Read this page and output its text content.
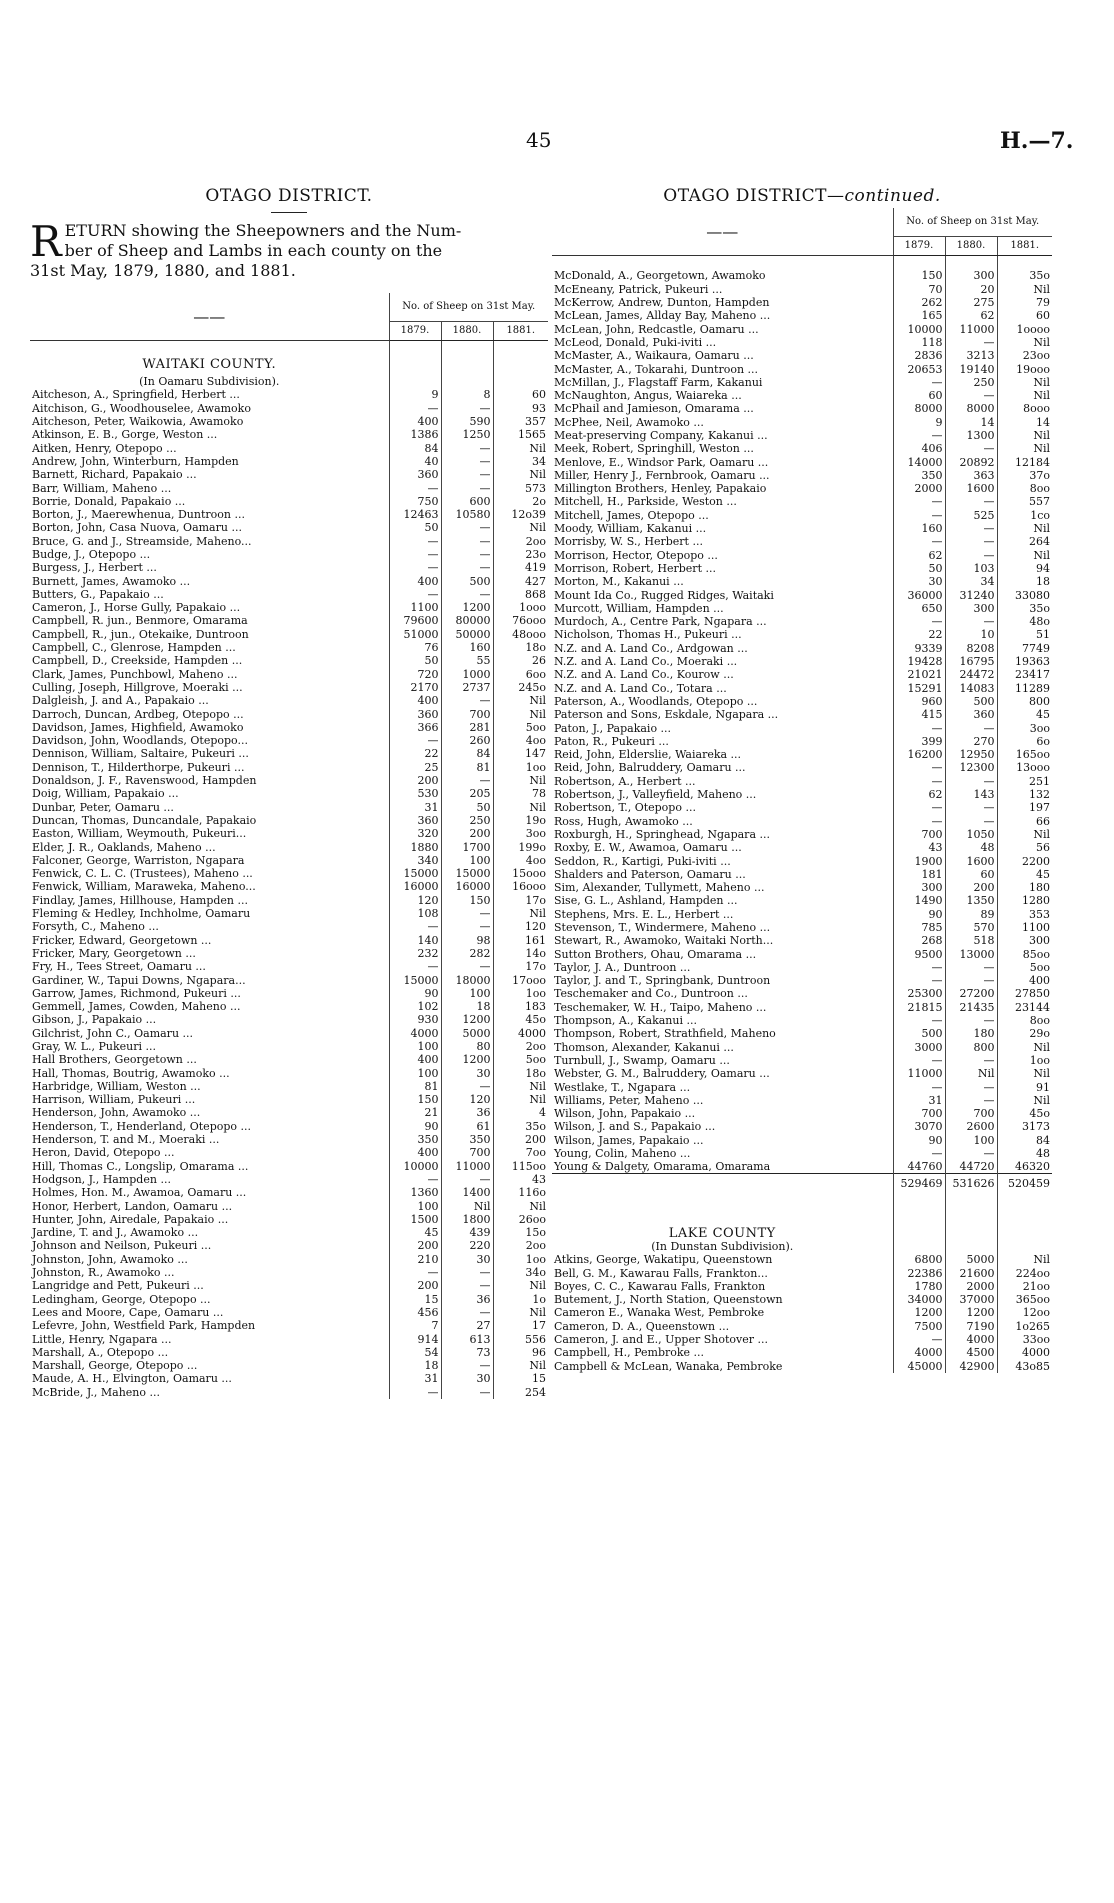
45	H.—7.
OTAGO DISTRICT.
R ETURN showing the Sheepowners and the Num-
ber of Sheep and Lambs in each county on the
31st May, 1879, 1880, and 1881.
——	No. of Sheep on 31st May.		
	1879.	1880.	1881.
WAITAKI COUNTY.			
(In Oamaru Subdivision).			
Aitcheson, A., Springfield, Herbert ...	9	8	60
Aitchison, G., Woodhouselee, Awamoko	—	—	93
Aitcheson, Peter, Waikowia, Awamoko	400	590	357
Atkinson, E. B., Gorge, Weston ...	1386	1250	1565
Aitken, Henry, Otepopo ...	84	—	Nil
Andrew, John, Winterburn, Hampden	40	—	34
Barnett, Richard, Papakaio ...	360	—	Nil
Barr, William, Maheno ...	—	—	573
Borrie, Donald, Papakaio ...	750	600	2o
Borton, J., Maerewhenua, Duntroon ...	12463	10580	12o39
Borton, John, Casa Nuova, Oamaru ...	50	—	Nil
Bruce, G. and J., Streamside, Maheno...	—	—	2oo
Budge, J., Otepopo ...	—	—	23o
Burgess, J., Herbert ...	—	—	419
Burnett, James, Awamoko ...	400	500	427
Butters, G., Papakaio ...	—	—	868
Cameron, J., Horse Gully, Papakaio ...	1100	1200	1ooo
Campbell, R. jun., Benmore, Omarama	79600	80000	76ooo
Campbell, R., jun., Otekaike, Duntroon	51000	50000	48ooo
Campbell, C., Glenrose, Hampden ...	76	160	18o
Campbell, D., Creekside, Hampden ...	50	55	26
Clark, James, Punchbowl, Maheno ...	720	1000	6oo
Culling, Joseph, Hillgrove, Moeraki ...	2170	2737	245o
Dalgleish, J. and A., Papakaio ...	400	—	Nil
Darroch, Duncan, Ardbeg, Otepopo ...	360	700	Nil
Davidson, James, Highfield, Awamoko	366	281	5oo
Davidson, John, Woodlands, Otepopo...	—	260	4oo
Dennison, William, Saltaire, Pukeuri ...	22	84	147
Dennison, T., Hilderthorpe, Pukeuri ...	25	81	1oo
Donaldson, J. F., Ravenswood, Hampden	200	—	Nil
Doig, William, Papakaio ...	530	205	78
Dunbar, Peter, Oamaru ...	31	50	Nil
Duncan, Thomas, Duncandale, Papakaio	360	250	19o
Easton, William, Weymouth, Pukeuri...	320	200	3oo
Elder, J. R., Oaklands, Maheno ...	1880	1700	199o
Falconer, George, Warriston, Ngapara	340	100	4oo
Fenwick, C. L. C. (Trustees), Maheno ...	15000	15000	15ooo
Fenwick, William, Maraweka, Maheno...	16000	16000	16ooo
Findlay, James, Hillhouse, Hampden ...	120	150	17o
Fleming & Hedley, Inchholme, Oamaru	108	—	Nil
Forsyth, C., Maheno ...	—	—	120
Fricker, Edward, Georgetown ...	140	98	161
Fricker, Mary, Georgetown ...	232	282	14o
Fry, H., Tees Street, Oamaru ...	—	—	17o
Gardiner, W., Tapui Downs, Ngapara...	15000	18000	17ooo
Garrow, James, Richmond, Pukeuri ...	90	100	1oo
Gemmell, James, Cowden, Maheno ...	102	18	183
Gibson, J., Papakaio ...	930	1200	45o
Gilchrist, John C., Oamaru ...	4000	5000	4000
Gray, W. L., Pukeuri ...	100	80	2oo
Hall Brothers, Georgetown ...	400	1200	5oo
Hall, Thomas, Boutrig, Awamoko ...	100	30	18o
Harbridge, William, Weston ...	81	—	Nil
Harrison, William, Pukeuri ...	150	120	Nil
Henderson, John, Awamoko ...	21	36	4
Henderson, T., Henderland, Otepopo ...	90	61	35o
Henderson, T. and M., Moeraki ...	350	350	200
Heron, David, Otepopo ...	400	700	7oo
Hill, Thomas C., Longslip, Omarama ...	10000	11000	115oo
Hodgson, J., Hampden ...	—	—	43
Holmes, Hon. M., Awamoa, Oamaru ...	1360	1400	116o
Honor, Herbert, Landon, Oamaru ...	100	Nil	Nil
Hunter, John, Airedale, Papakaio ...	1500	1800	26oo
Jardine, T. and J., Awamoko ...	45	439	15o
Johnson and Neilson, Pukeuri ...	200	220	2oo
Johnston, John, Awamoko ...	210	30	1oo
Johnston, R., Awamoko ...	—	—	34o
Langridge and Pett, Pukeuri ...	200	—	Nil
Ledingham, George, Otepopo ...	15	36	1o
Lees and Moore, Cape, Oamaru ...	456	—	Nil
Lefevre, John, Westfield Park, Hampden	7	27	17
Little, Henry, Ngapara ...	914	613	556
Marshall, A., Otepopo ...	54	73	96
Marshall, George, Otepopo ...	18	—	Nil
Maude, A. H., Elvington, Oamaru ...	31	30	15
McBride, J., Maheno ...	—	—	254
OTAGO DISTRICT—continued.
——	No. of Sheep on 31st May.		
	1879.	1880.	1881.

McDonald, A., Georgetown, Awamoko	150	300	35o
McEneany, Patrick, Pukeuri ...	70	20	Nil
McKerrow, Andrew, Dunton, Hampden	262	275	79
McLean, James, Allday Bay, Maheno ...	165	62	60
McLean, John, Redcastle, Oamaru ...	10000	11000	1oooo
McLeod, Donald, Puki-iviti ...	118	—	Nil
McMaster, A., Waikaura, Oamaru ...	2836	3213	23oo
McMaster, A., Tokarahi, Duntroon ...	20653	19140	19ooo
McMillan, J., Flagstaff Farm, Kakanui	—	250	Nil
McNaughton, Angus, Waiareka ...	60	—	Nil
McPhail and Jamieson, Omarama ...	8000	8000	8ooo
McPhee, Neil, Awamoko ...	9	14	14
Meat-preserving Company, Kakanui ...	—	1300	Nil
Meek, Robert, Springhill, Weston ...	406	—	Nil
Menlove, E., Windsor Park, Oamaru ...	14000	20892	12184
Miller, Henry J., Fernbrook, Oamaru ...	350	363	37o
Millington Brothers, Henley, Papakaio	2000	1600	8oo
Mitchell, H., Parkside, Weston ...	—	—	557
Mitchell, James, Otepopo ...	—	525	1co
Moody, William, Kakanui ...	160	—	Nil
Morrisby, W. S., Herbert ...	—	—	264
Morrison, Hector, Otepopo ...	62	—	Nil
Morrison, Robert, Herbert ...	50	103	94
Morton, M., Kakanui ...	30	34	18
Mount Ida Co., Rugged Ridges, Waitaki	36000	31240	33080
Murcott, William, Hampden ...	650	300	35o
Murdoch, A., Centre Park, Ngapara ...	—	—	48o
Nicholson, Thomas H., Pukeuri ...	22	10	51
N.Z. and A. Land Co., Ardgowan ...	9339	8208	7749
N.Z. and A. Land Co., Moeraki ...	19428	16795	19363
N.Z. and A. Land Co., Kourow ...	21021	24472	23417
N.Z. and A. Land Co., Totara ...	15291	14083	11289
Paterson, A., Woodlands, Otepopo ...	960	500	800
Paterson and Sons, Eskdale, Ngapara ...	415	360	45
Paton, J., Papakaio ...	—	—	3oo
Paton, R., Pukeuri ...	399	270	6o
Reid, John, Elderslie, Waiareka ...	16200	12950	165oo
Reid, John, Balruddery, Oamaru ...	—	12300	13ooo
Robertson, A., Herbert ...	—	—	251
Robertson, J., Valleyfield, Maheno ...	62	143	132
Robertson, T., Otepopo ...	—	—	197
Ross, Hugh, Awamoko ...	—	—	66
Roxburgh, H., Springhead, Ngapara ...	700	1050	Nil
Roxby, E. W., Awamoa, Oamaru ...	43	48	56
Seddon, R., Kartigi, Puki-iviti ...	1900	1600	2200
Shalders and Paterson, Oamaru ...	181	60	45
Sim, Alexander, Tullymett, Maheno ...	300	200	180
Sise, G. L., Ashland, Hampden ...	1490	1350	1280
Stephens, Mrs. E. L., Herbert ...	90	89	353
Stevenson, T., Windermere, Maheno ...	785	570	1100
Stewart, R., Awamoko, Waitaki North...	268	518	300
Sutton Brothers, Ohau, Omarama ...	9500	13000	85oo
Taylor, J. A., Duntroon ...	—	—	5oo
Taylor, J. and T., Springbank, Duntroon	—	—	400
Teschemaker and Co., Duntroon ...	25300	27200	27850
Teschemaker, W. H., Taipo, Maheno ...	21815	21435	23144
Thompson, A., Kakanui ...	—	—	8oo
Thompson, Robert, Strathfield, Maheno	500	180	29o
Thomson, Alexander, Kakanui ...	3000	800	Nil
Turnbull, J., Swamp, Oamaru ...	—	—	1oo
Webster, G. M., Balruddery, Oamaru ...	11000	Nil	Nil
Westlake, T., Ngapara ...	—	—	91
Williams, Peter, Maheno ...	31	—	Nil
Wilson, John, Papakaio ...	700	700	45o
Wilson, J. and S., Papakaio ...	3070	2600	3173
Wilson, James, Papakaio ...	90	100	84
Young, Colin, Maheno ...	—	—	48
Young & Dalgety, Omarama, Omarama	44760	44720	46320
	529469	531626	520459

LAKE COUNTY			
(In Dunstan Subdivision).			
Atkins, George, Wakatipu, Queenstown	6800	5000	Nil
Bell, G. M., Kawarau Falls, Frankton...	22386	21600	224oo
Boyes, C. C., Kawarau Falls, Frankton	1780	2000	21oo
Butement, J., North Station, Queenstown	34000	37000	365oo
Cameron E., Wanaka West, Pembroke	1200	1200	12oo
Cameron, D. A., Queenstown ...	7500	7190	1o265
Cameron, J. and E., Upper Shotover ...	—	4000	33oo
Campbell, H., Pembroke ...	4000	4500	4000
Campbell & McLean, Wanaka, Pembroke	45000	42900	43o85
